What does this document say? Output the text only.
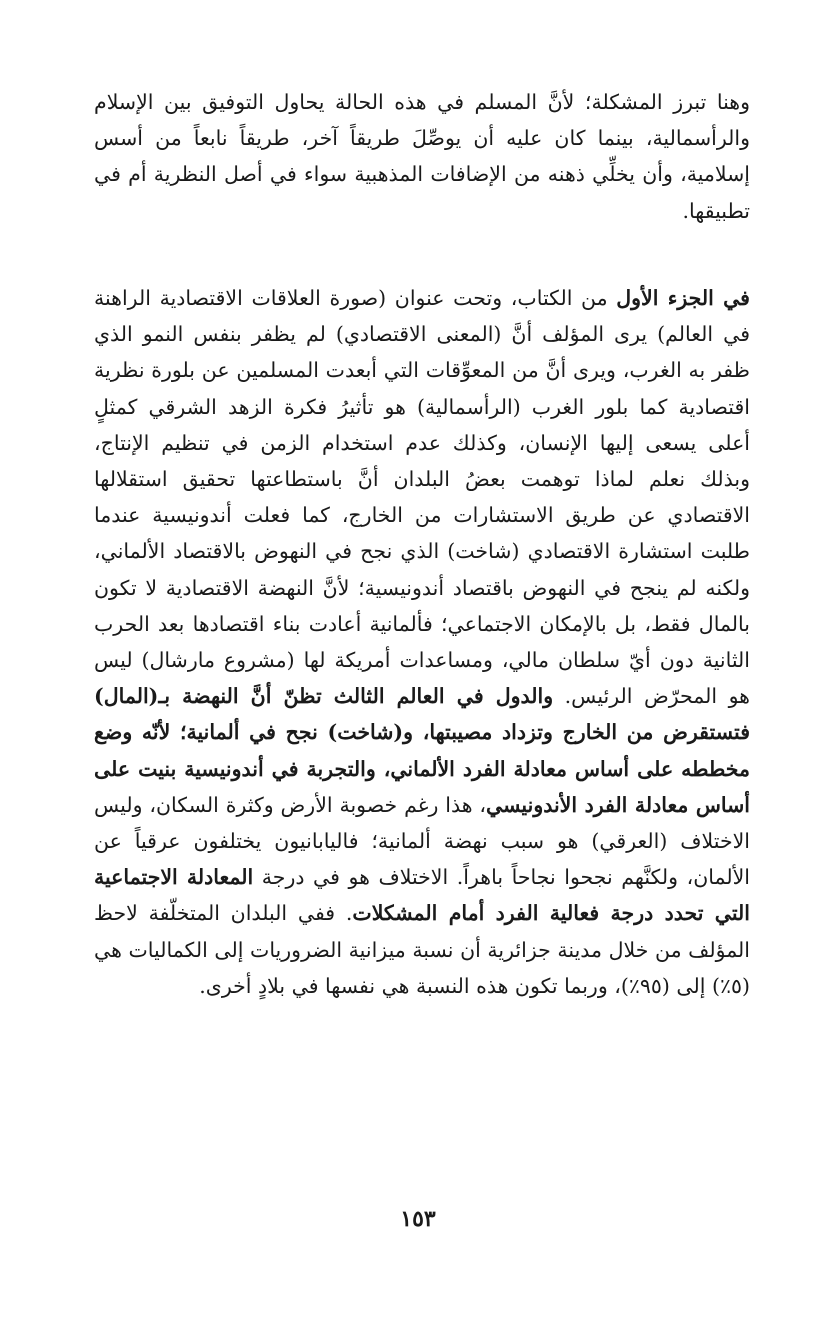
وهنا تبرز المشكلة؛ لأنَّ المسلم في هذه الحالة يحاول التوفيق بين الإسلام والرأسمالية، بينما كان عليه أن يوصِّلَ طريقاً آخر، طريقاً نابعاً من أسس إسلامية، وأن يخلِّي ذهنه من الإضافات المذهبية سواء في أصل النظرية أم في تطبيقها.

في الجزء الأول من الكتاب، وتحت عنوان (صورة العلاقات الاقتصادية الراهنة في العالم) يرى المؤلف أنَّ (المعنى الاقتصادي) لم يظفر بنفس النمو الذي ظفر به الغرب، ويرى أنَّ من المعوِّقات التي أبعدت المسلمين عن بلورة نظرية اقتصادية كما بلور الغرب (الرأسمالية) هو تأثيرُ فكرة الزهد الشرقي كمثلٍ أعلى يسعى إليها الإنسان، وكذلك عدم استخدام الزمن في تنظيم الإنتاج، وبذلك نعلم لماذا توهمت بعضُ البلدان أنَّ باستطاعتها تحقيق استقلالها الاقتصادي عن طريق الاستشارات من الخارج، كما فعلت أندونيسية عندما طلبت استشارة الاقتصادي (شاخت) الذي نجح في النهوض بالاقتصاد الألماني، ولكنه لم ينجح في النهوض باقتصاد أندونيسية؛ لأنَّ النهضة الاقتصادية لا تكون بالمال فقط، بل بالإمكان الاجتماعي؛ فألمانية أعادت بناء اقتصادها بعد الحرب الثانية دون أيّ سلطان مالي، ومساعدات أمريكة لها (مشروع مارشال) ليس هو المحرّض الرئيس. والدول في العالم الثالث تظنّ أنَّ النهضة بـ(المال) فتستقرض من الخارج وتزداد مصيبتها، و(شاخت) نجح في ألمانية؛ لأنّه وضع مخططه على أساس معادلة الفرد الألماني، والتجربة في أندونيسية بنيت على أساس معادلة الفرد الأندونيسي، هذا رغم خصوبة الأرض وكثرة السكان، وليس الاختلاف (العرقي) هو سبب نهضة ألمانية؛ فاليابانيون يختلفون عرقياً عن الألمان، ولكنَّهم نجحوا نجاحاً باهراً. الاختلاف هو في درجة المعادلة الاجتماعية التي تحدد درجة فعالية الفرد أمام المشكلات. ففي البلدان المتخلّفة لاحظ المؤلف من خلال مدينة جزائرية أن نسبة ميزانية الضروريات إلى الكماليات هي (٥٪) إلى (٩٥٪)، وربما تكون هذه النسبة هي نفسها في بلادٍ أخرى.

١٥٣
